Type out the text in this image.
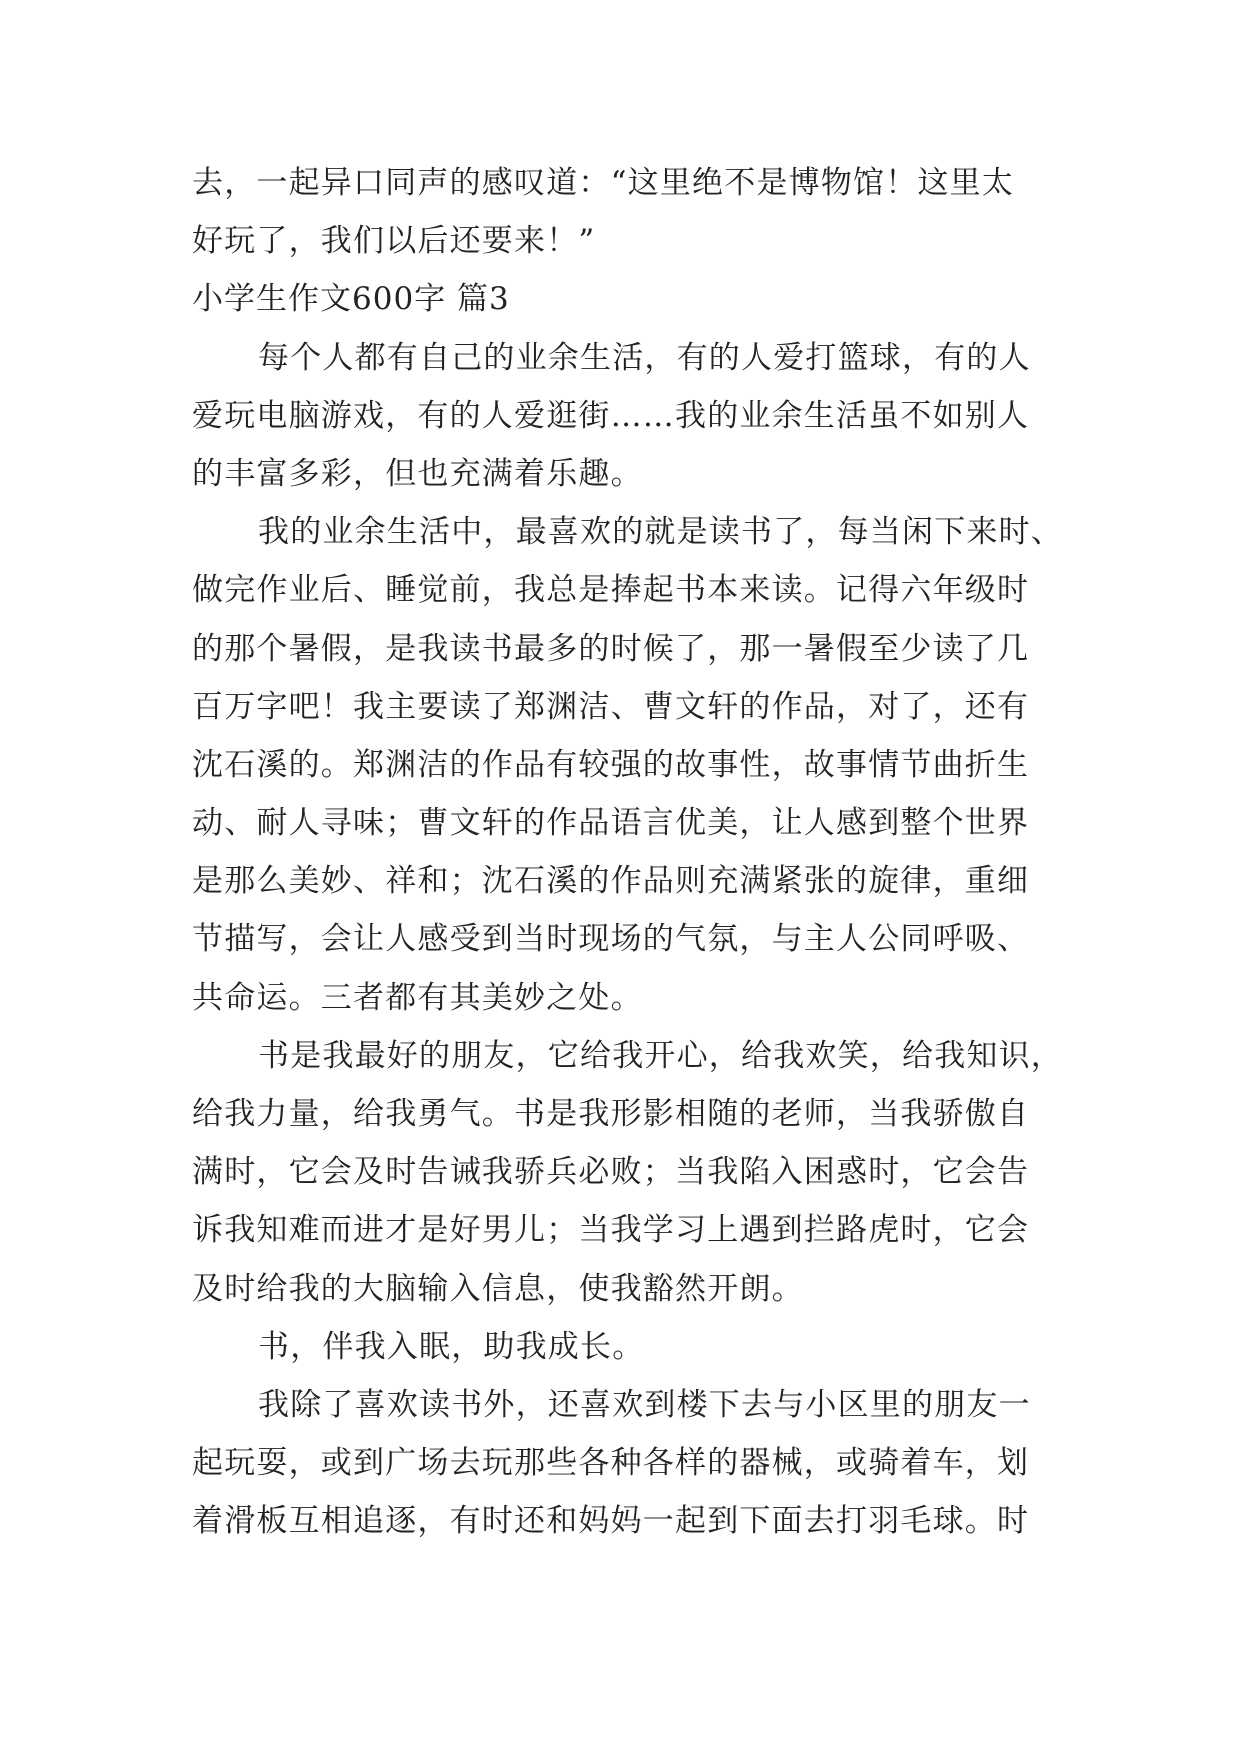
去，一起异口同声的感叹道：“这里绝不是博物馆！这里太
好玩了，我们以后还要来！”
小学生作文600字 篇3
每个人都有自己的业余生活，有的人爱打篮球，有的人
爱玩电脑游戏，有的人爱逛街……我的业余生活虽不如别人
的丰富多彩，但也充满着乐趣。
我的业余生活中，最喜欢的就是读书了，每当闲下来时、
做完作业后、睡觉前，我总是捧起书本来读。记得六年级时
的那个暑假，是我读书最多的时候了，那一暑假至少读了几
百万字吧！我主要读了郑渊洁、曹文轩的作品，对了，还有
沈石溪的。郑渊洁的作品有较强的故事性，故事情节曲折生
动、耐人寻味；曹文轩的作品语言优美，让人感到整个世界
是那么美妙、祥和；沈石溪的作品则充满紧张的旋律，重细
节描写，会让人感受到当时现场的气氛，与主人公同呼吸、
共命运。三者都有其美妙之处。
书是我最好的朋友，它给我开心，给我欢笑，给我知识，
给我力量，给我勇气。书是我形影相随的老师，当我骄傲自
满时，它会及时告诫我骄兵必败；当我陷入困惑时，它会告
诉我知难而进才是好男儿；当我学习上遇到拦路虎时，它会
及时给我的大脑输入信息，使我豁然开朗。
书，伴我入眠，助我成长。
我除了喜欢读书外，还喜欢到楼下去与小区里的朋友一
起玩耍，或到广场去玩那些各种各样的器械，或骑着车，划
着滑板互相追逐，有时还和妈妈一起到下面去打羽毛球。时
